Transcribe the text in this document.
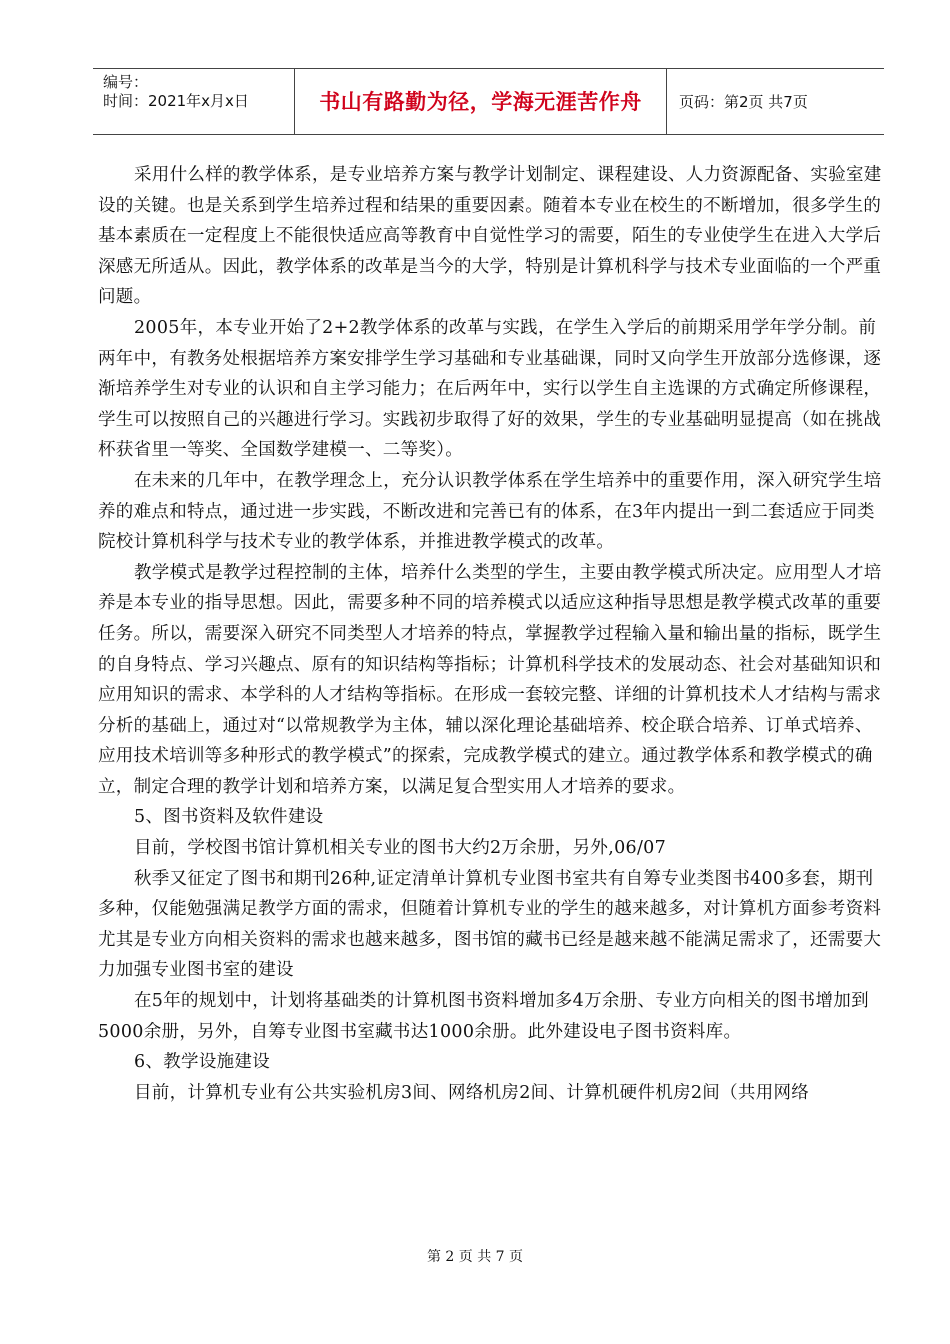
编号：
时间：2021年x月x日	书山有路勤为径，学海无涯苦作舟	页码：第2页 共7页

采用什么样的教学体系，是专业培养方案与教学计划制定、课程建设、人力资源配备、实验室建设的关键。也是关系到学生培养过程和结果的重要因素。随着本专业在校生的不断增加，很多学生的基本素质在一定程度上不能很快适应高等教育中自觉性学习的需要，陌生的专业使学生在进入大学后深感无所适从。因此，教学体系的改革是当今的大学，特别是计算机科学与技术专业面临的一个严重问题。

2005年，本专业开始了2+2教学体系的改革与实践，在学生入学后的前期采用学年学分制。前两年中，有教务处根据培养方案安排学生学习基础和专业基础课，同时又向学生开放部分选修课，逐渐培养学生对专业的认识和自主学习能力；在后两年中，实行以学生自主选课的方式确定所修课程，学生可以按照自己的兴趣进行学习。实践初步取得了好的效果，学生的专业基础明显提高（如在挑战杯获省里一等奖、全国数学建模一、二等奖）。

在未来的几年中，在教学理念上，充分认识教学体系在学生培养中的重要作用，深入研究学生培养的难点和特点，通过进一步实践，不断改进和完善已有的体系，在3年内提出一到二套适应于同类院校计算机科学与技术专业的教学体系，并推进教学模式的改革。

教学模式是教学过程控制的主体，培养什么类型的学生，主要由教学模式所决定。应用型人才培养是本专业的指导思想。因此，需要多种不同的培养模式以适应这种指导思想是教学模式改革的重要任务。所以，需要深入研究不同类型人才培养的特点，掌握教学过程输入量和输出量的指标，既学生的自身特点、学习兴趣点、原有的知识结构等指标；计算机科学技术的发展动态、社会对基础知识和应用知识的需求、本学科的人才结构等指标。在形成一套较完整、详细的计算机技术人才结构与需求分析的基础上，通过对“以常规教学为主体，辅以深化理论基础培养、校企联合培养、订单式培养、应用技术培训等多种形式的教学模式”的探索，完成教学模式的建立。通过教学体系和教学模式的确立，制定合理的教学计划和培养方案，以满足复合型实用人才培养的要求。

5、图书资料及软件建设

目前，学校图书馆计算机相关专业的图书大约2万余册，另外,06/07

秋季又征定了图书和期刊26种,证定清单计算机专业图书室共有自筹专业类图书400多套，期刊多种，仅能勉强满足教学方面的需求，但随着计算机专业的学生的越来越多，对计算机方面参考资料尤其是专业方向相关资料的需求也越来越多，图书馆的藏书已经是越来越不能满足需求了，还需要大力加强专业图书室的建设

在5年的规划中，计划将基础类的计算机图书资料增加多4万余册、专业方向相关的图书增加到5000余册，另外，自筹专业图书室藏书达1000余册。此外建设电子图书资料库。

6、教学设施建设

目前，计算机专业有公共实验机房3间、网络机房2间、计算机硬件机房2间（共用网络

第 2 页 共 7 页
